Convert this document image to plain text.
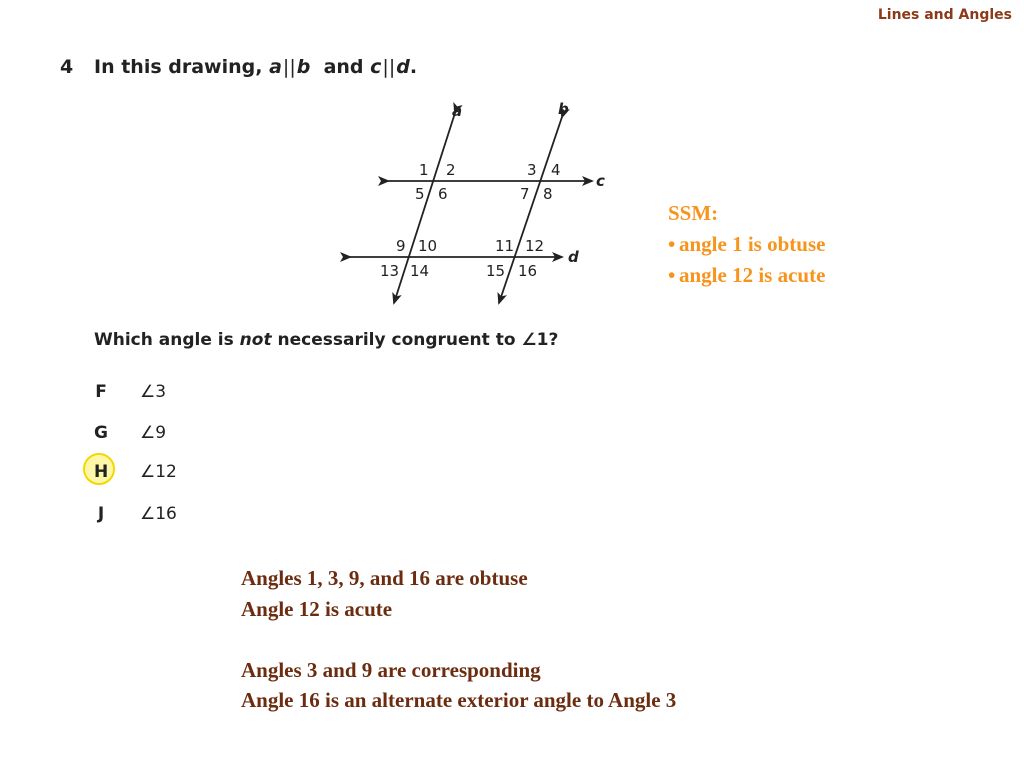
Lines and Angles
4 In this drawing, a||b and c||d.
a	b
c
d
1 2
5 6
3 4
7 8
9 10
13 14
11 12
15 16
Which angle is not necessarily congruent to ∠1?
F ∠3
G ∠9
H ∠12
J ∠16
SSM:
• angle 1 is obtuse
• angle 12 is acute
Angles 1, 3, 9, and 16 are obtuse
Angle 12 is acute
Angles 3 and 9 are corresponding
Angle 16 is an alternate exterior angle to Angle 3
